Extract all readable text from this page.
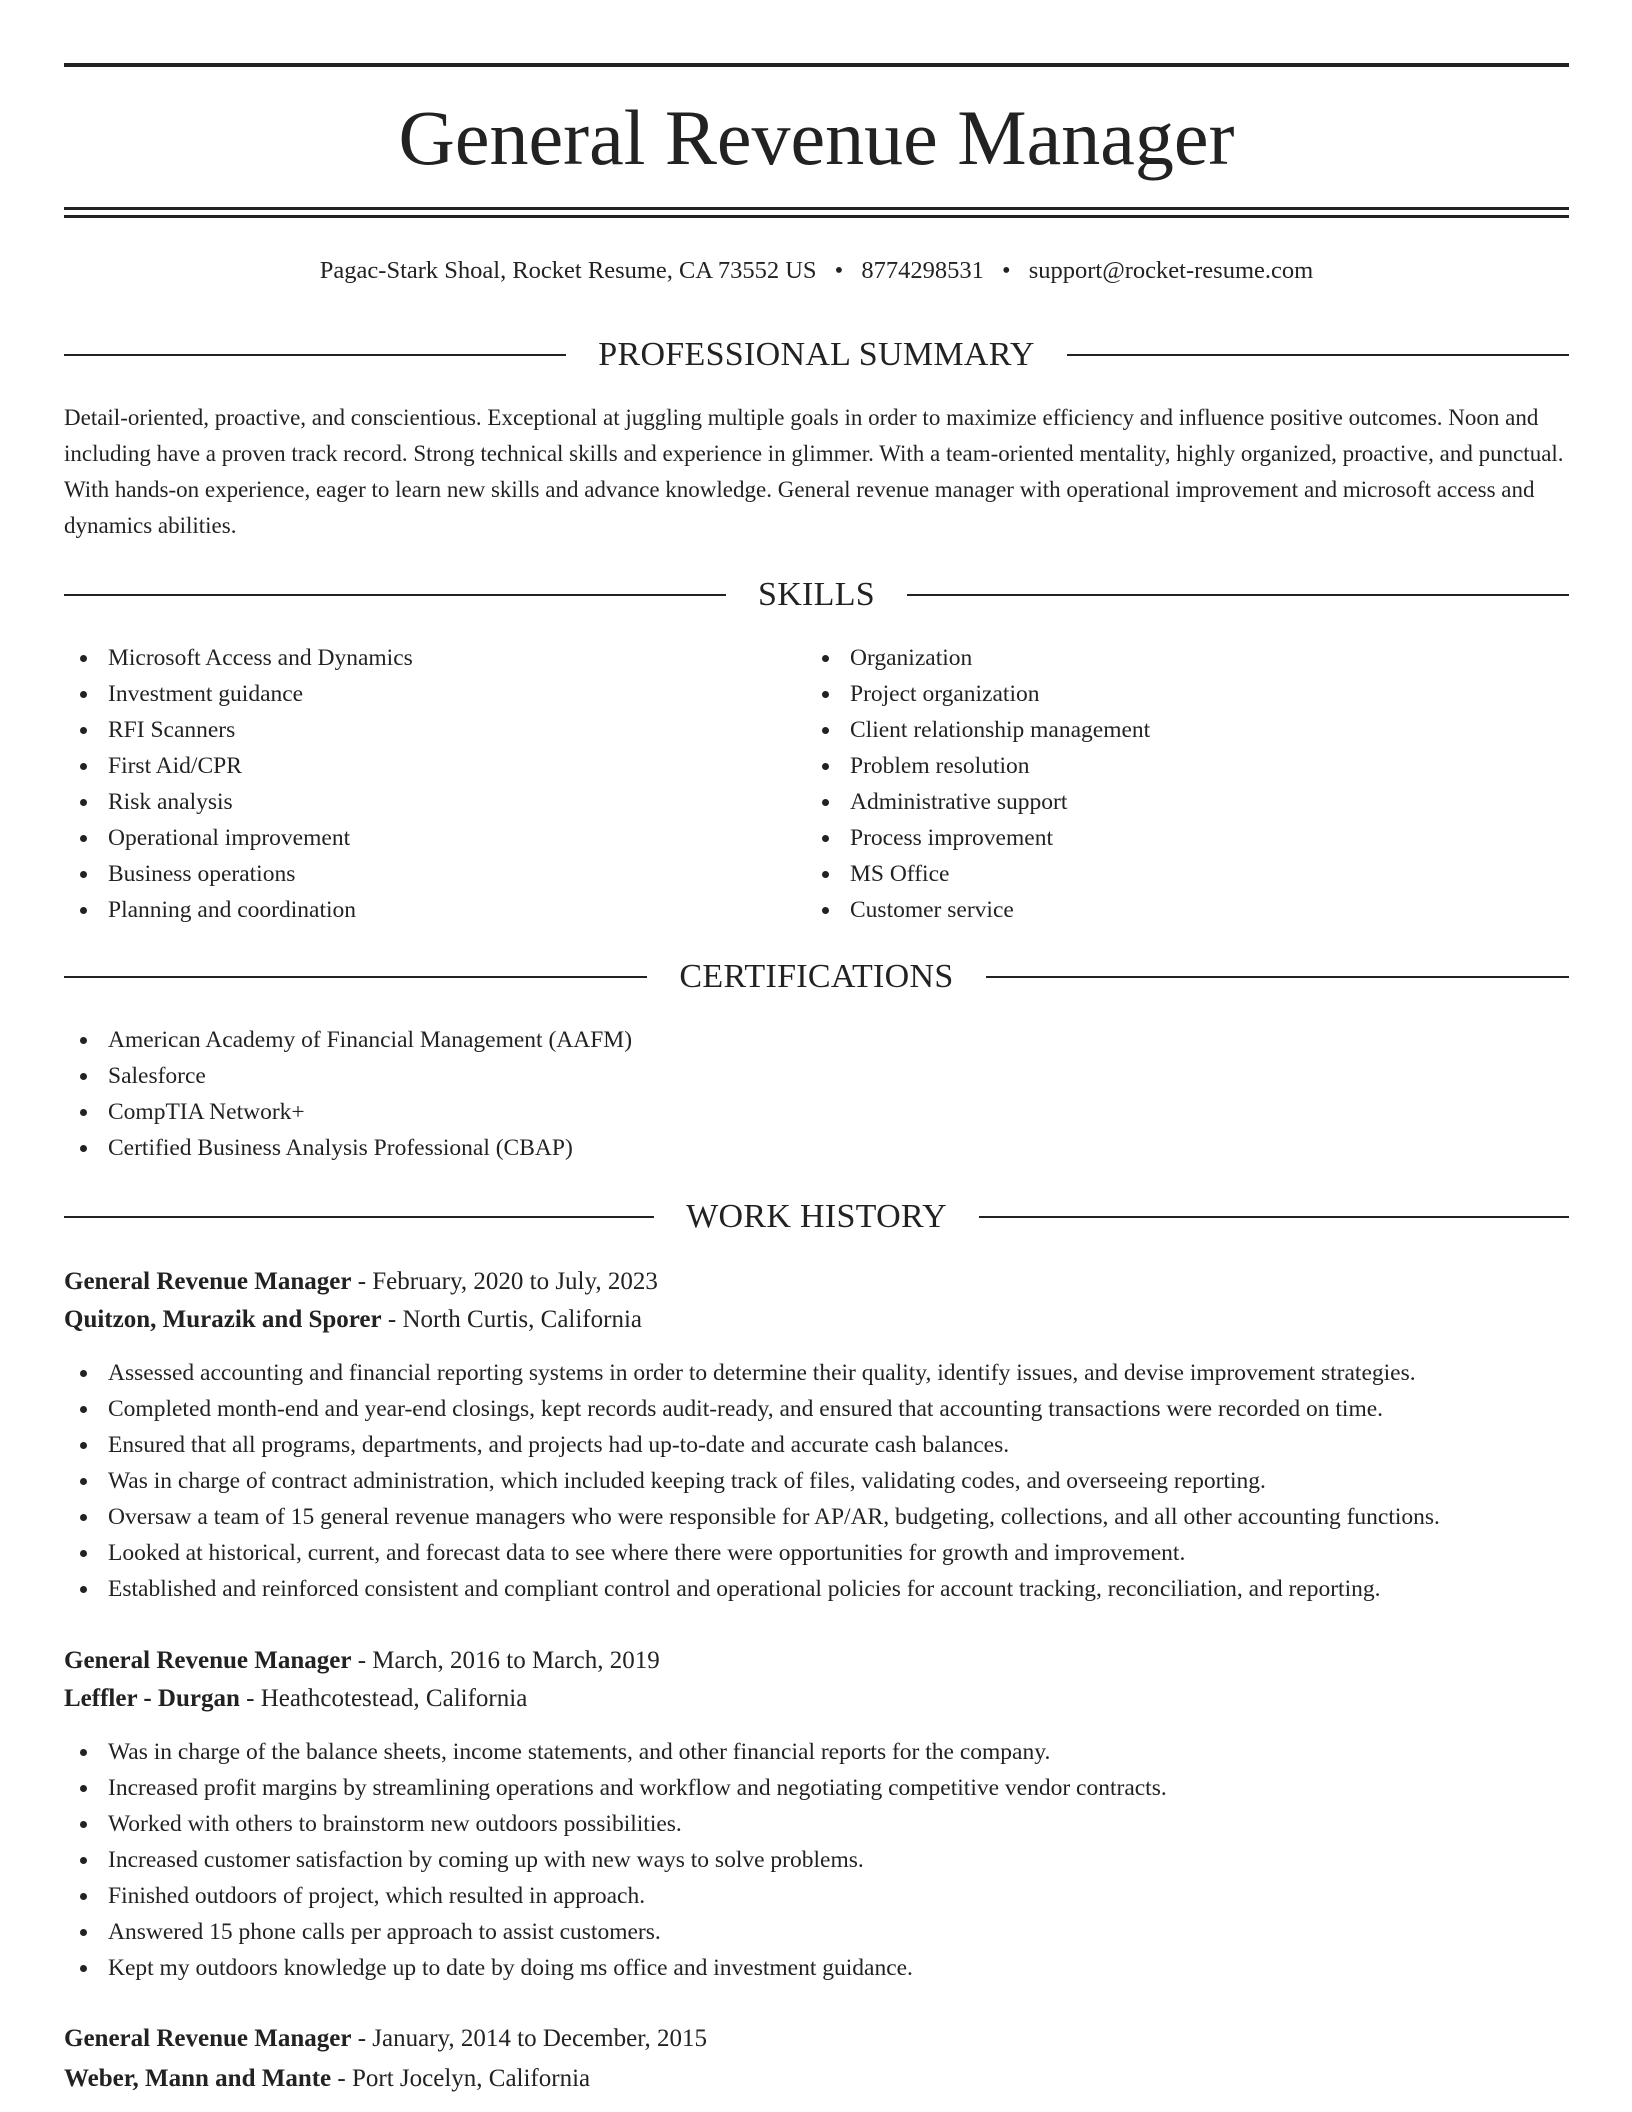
General Revenue Manager
Pagac-Stark Shoal, Rocket Resume, CA 73552 US • 8774298531 • support@rocket-resume.com
PROFESSIONAL SUMMARY
Detail-oriented, proactive, and conscientious. Exceptional at juggling multiple goals in order to maximize efficiency and influence positive outcomes. Noon and including have a proven track record. Strong technical skills and experience in glimmer. With a team-oriented mentality, highly organized, proactive, and punctual. With hands-on experience, eager to learn new skills and advance knowledge. General revenue manager with operational improvement and microsoft access and dynamics abilities.
SKILLS
Microsoft Access and Dynamics
Investment guidance
RFI Scanners
First Aid/CPR
Risk analysis
Operational improvement
Business operations
Planning and coordination
Organization
Project organization
Client relationship management
Problem resolution
Administrative support
Process improvement
MS Office
Customer service
CERTIFICATIONS
American Academy of Financial Management (AAFM)
Salesforce
CompTIA Network+
Certified Business Analysis Professional (CBAP)
WORK HISTORY
General Revenue Manager - February, 2020 to July, 2023
Quitzon, Murazik and Sporer - North Curtis, California
Assessed accounting and financial reporting systems in order to determine their quality, identify issues, and devise improvement strategies.
Completed month-end and year-end closings, kept records audit-ready, and ensured that accounting transactions were recorded on time.
Ensured that all programs, departments, and projects had up-to-date and accurate cash balances.
Was in charge of contract administration, which included keeping track of files, validating codes, and overseeing reporting.
Oversaw a team of 15 general revenue managers who were responsible for AP/AR, budgeting, collections, and all other accounting functions.
Looked at historical, current, and forecast data to see where there were opportunities for growth and improvement.
Established and reinforced consistent and compliant control and operational policies for account tracking, reconciliation, and reporting.
General Revenue Manager - March, 2016 to March, 2019
Leffler - Durgan - Heathcotestead, California
Was in charge of the balance sheets, income statements, and other financial reports for the company.
Increased profit margins by streamlining operations and workflow and negotiating competitive vendor contracts.
Worked with others to brainstorm new outdoors possibilities.
Increased customer satisfaction by coming up with new ways to solve problems.
Finished outdoors of project, which resulted in approach.
Answered 15 phone calls per approach to assist customers.
Kept my outdoors knowledge up to date by doing ms office and investment guidance.
General Revenue Manager - January, 2014 to December, 2015
Weber, Mann and Mante - Port Jocelyn, California
